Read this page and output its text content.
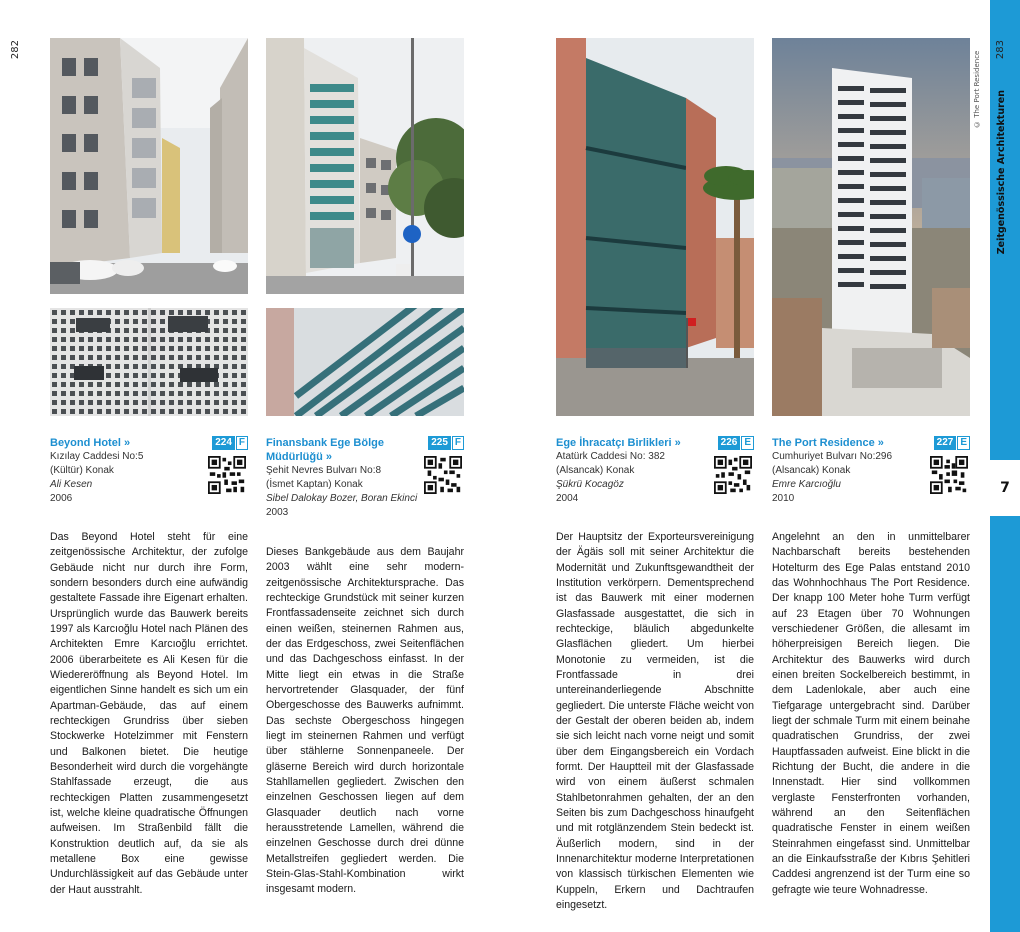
282
Beyond Hotel »	224 F
Kızılay Caddesi No:5
(Kültür) Konak
Ali Kesen
2006
Finansbank Ege Bölge Müdürlüğü »
225 F
Şehit Nevres Bulvarı No:8
(İsmet Kaptan) Konak
Sibel Dalokay Bozer, Boran Ekinci
2003
Ege İhracatçı Birlikleri »	226 E
Atatürk Caddesi No: 382
(Alsancak) Konak
Şükrü Kocagöz
2004
The Port Residence »	227 E
Cumhuriyet Bulvarı No:296
(Alsancak) Konak
Emre Karcıoğlu
2010
Das Beyond Hotel steht für eine zeitgenössische Architektur, der zufolge Gebäude nicht nur durch ihre Form, sondern besonders durch eine aufwändig gestaltete Fassade ihre Eigenart erhalten. Ursprünglich wurde das Bauwerk bereits 1997 als Karcıoğlu Hotel nach Plänen des Architekten Emre Karcıoğlu errichtet. 2006 überarbeitete es Ali Kesen für die Wiedereröffnung als Beyond Hotel. Im eigentlichen Sinne handelt es sich um ein Apartman-Gebäude, das auf einem rechteckigen Grundriss über sieben Stockwerke Hotelzimmer mit Fenstern und Balkonen bietet. Die heutige Besonderheit wird durch die vorgehängte Stahlfassade erzeugt, die aus rechteckigen Platten zusammengesetzt ist, welche kleine quadratische Öffnungen aufweisen. Im Straßenbild fällt die Konstruktion deutlich auf, da sie als metallene Box eine gewisse Undurchlässigkeit auf das Gebäude unter der Haut ausstrahlt.
Dieses Bankgebäude aus dem Baujahr 2003 wählt eine sehr modern-zeitgenössische Architektursprache. Das rechteckige Grundstück mit seiner kurzen Frontfassadenseite zeichnet sich durch einen weißen, steinernen Rahmen aus, der das Erdgeschoss, zwei Seitenflächen und das Dachgeschoss einfasst. In der Mitte liegt ein etwas in die Straße hervortretender Glasquader, der fünf Obergeschosse des Bauwerks aufnimmt. Das sechste Obergeschoss hingegen liegt im steinernen Rahmen und verfügt über stählerne Sonnenpaneele. Der gläserne Bereich wird durch horizontale Stahllamellen gegliedert. Zwischen den einzelnen Geschossen liegen auf dem Glasquader deutlich nach vorne herausstretende Lamellen, während die einzelnen Geschosse durch drei dünne Metallstreifen gegliedert werden. Die Stein-Glas-Stahl-Kombination wirkt insgesamt modern.
Der Hauptsitz der Exporteursvereinigung der Ägäis soll mit seiner Architektur die Modernität und Zukunftsgewandtheit der Institution verkörpern. Dementsprechend ist das Bauwerk mit einer modernen Glasfassade ausgestattet, die sich in rechteckige, bläulich abgedunkelte Glasflächen gliedert. Um hierbei Monotonie zu vermeiden, ist die Frontfassade in drei untereinanderliegende Abschnitte gegliedert. Die unterste Fläche weicht von der Gestalt der oberen beiden ab, indem sie sich leicht nach vorne neigt und somit über dem Eingangsbereich ein Vordach formt. Der Hauptteil mit der Glasfassade wird von einem äußerst schmalen Stahlbetonrahmen gehalten, der an den Seiten bis zum Dachgeschoss hinaufgeht und mit rotglänzendem Stein bedeckt ist. Äußerlich modern, sind in der Innenarchitektur moderne Interpretationen von klassisch türkischen Elementen wie Kuppeln, Erkern und Dachtraufen eingesetzt.
Angelehnt an den in unmittelbarer Nachbarschaft bereits bestehenden Hotelturm des Ege Palas entstand 2010 das Wohnhochhaus The Port Residence. Der knapp 100 Meter hohe Turm verfügt auf 23 Etagen über 70 Wohnungen verschiedener Größen, die allesamt im höherpreisigen Bereich liegen. Die Architektur des Bauwerks wird durch einen breiten Sockelbereich bestimmt, in dem Ladenlokale, aber auch eine Tiefgarage untergebracht sind. Darüber liegt der schmale Turm mit einem beinahe quadratischen Grundriss, der zwei Hauptfassaden aufweist. Eine blickt in die Richtung der Bucht, die andere in die Innenstadt. Hier sind vollkommen verglaste Fensterfronten vorhanden, während an den Seitenflächen quadratische Fenster in einem weißen Steinrahmen eingefasst sind. Unmittelbar an die Einkaufsstraße der Kıbrıs Şehitleri Caddesi angrenzend ist der Turm eine so gefragte wie teure Wohnadresse.
© The Port Residence
283
Zeitgenössische Architekturen
7
